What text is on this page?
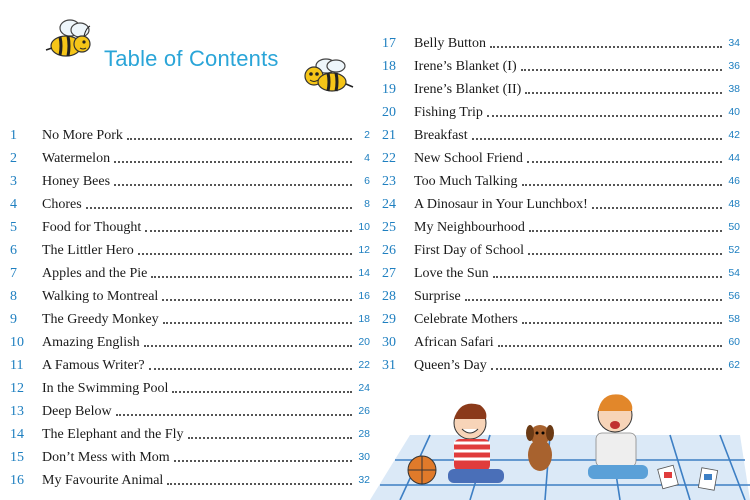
Table of Contents
1	No More Pork	2
2	Watermelon	4
3	Honey Bees	6
4	Chores	8
5	Food for Thought	10
6	The Littler Hero	12
7	Apples and the Pie	14
8	Walking to Montreal	16
9	The Greedy Monkey	18
10	Amazing English	20
11	A Famous Writer?	22
12	In the Swimming Pool	24
13	Deep Below	26
14	The Elephant and the Fly	28
15	Don’t Mess with Mom	30
16	My Favourite Animal	32
17	Belly Button	34
18	Irene’s Blanket (I)	36
19	Irene’s Blanket (II)	38
20	Fishing Trip	40
21	Breakfast	42
22	New School Friend	44
23	Too Much Talking	46
24	A Dinosaur in Your Lunchbox!	48
25	My Neighbourhood	50
26	First Day of School	52
27	Love the Sun	54
28	Surprise	56
29	Celebrate Mothers	58
30	African Safari	60
31	Queen’s Day	62
